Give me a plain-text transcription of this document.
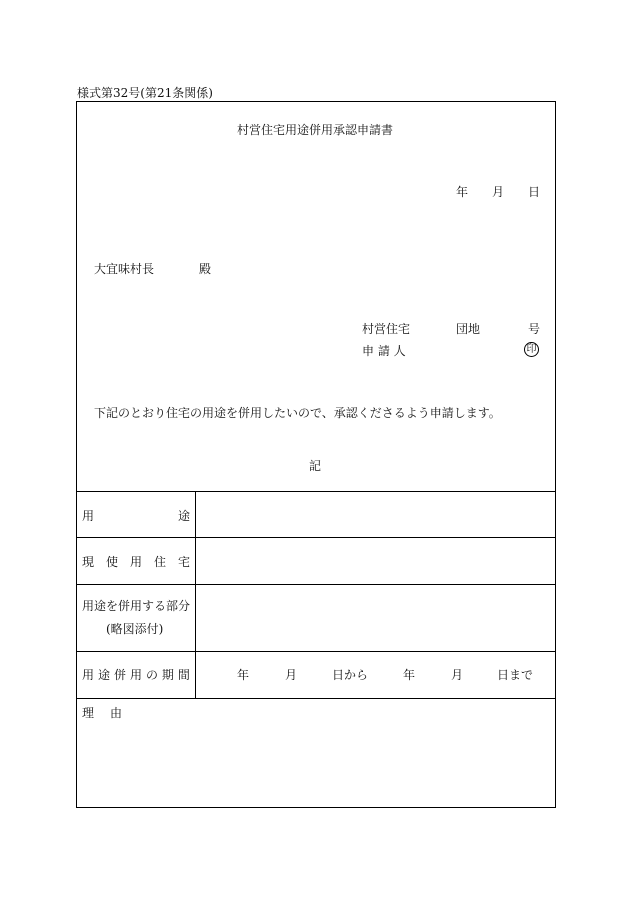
様式第32号(第21条関係)
村営住宅用途併用承認申請書
年 月 日
大宜味村長	殿
村営住宅	団地	号
申 請 人	印
下記のとおり住宅の用途を併用したいので、承認くださるよう申請します。
記
用	途
現 使 用 住 宅
用途を併用する部分
(略図添付)
用 途 併 用 の 期 間	年	月	日から	年	月	日まで
理 由
